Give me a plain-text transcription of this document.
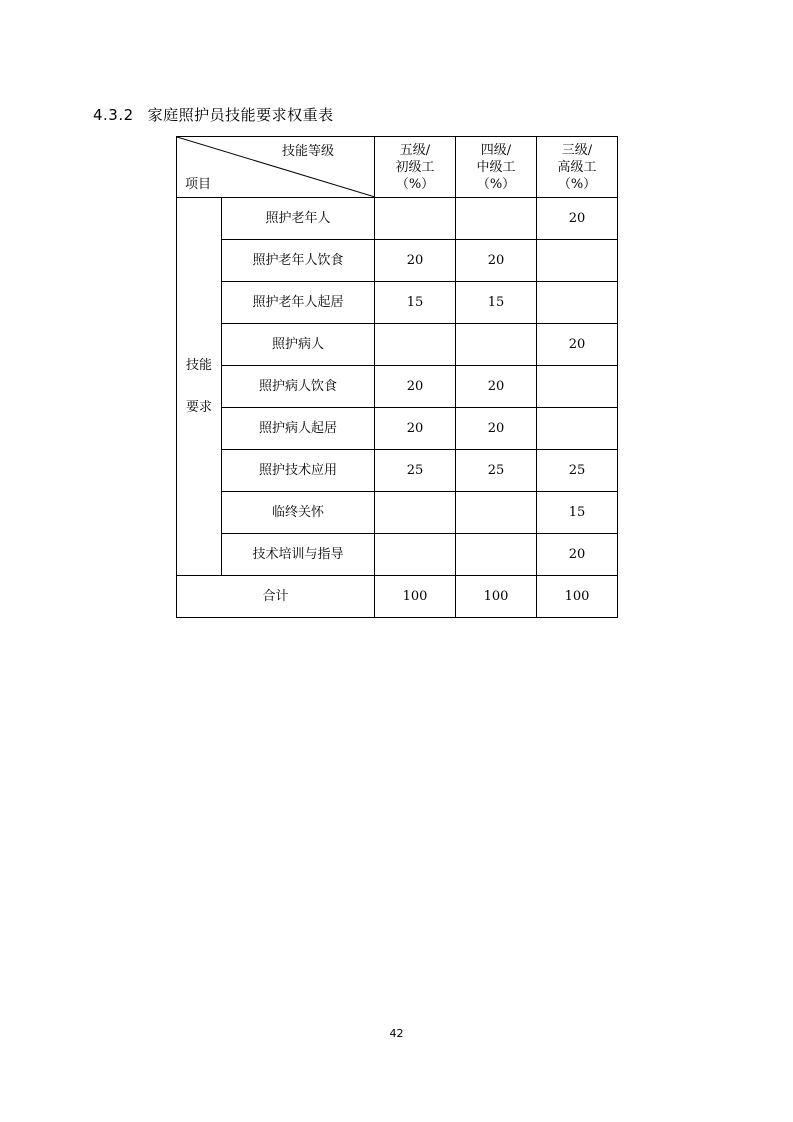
4.3.2 家庭照护员技能要求权重表
技能等级
项目		五级/
初级工
（%）	四级/
中级工
（%）	三级/
高级工
（%）

技能
要求	照护老年人			20
	照护老年人饮食	20	20	
	照护老年人起居	15	15	
	照护病人			20
	照护病人饮食	20	20	
	照护病人起居	20	20	
	照护技术应用	25	25	25
	临终关怀			15
	技术培训与指导			20
合计		100	100	100
42
